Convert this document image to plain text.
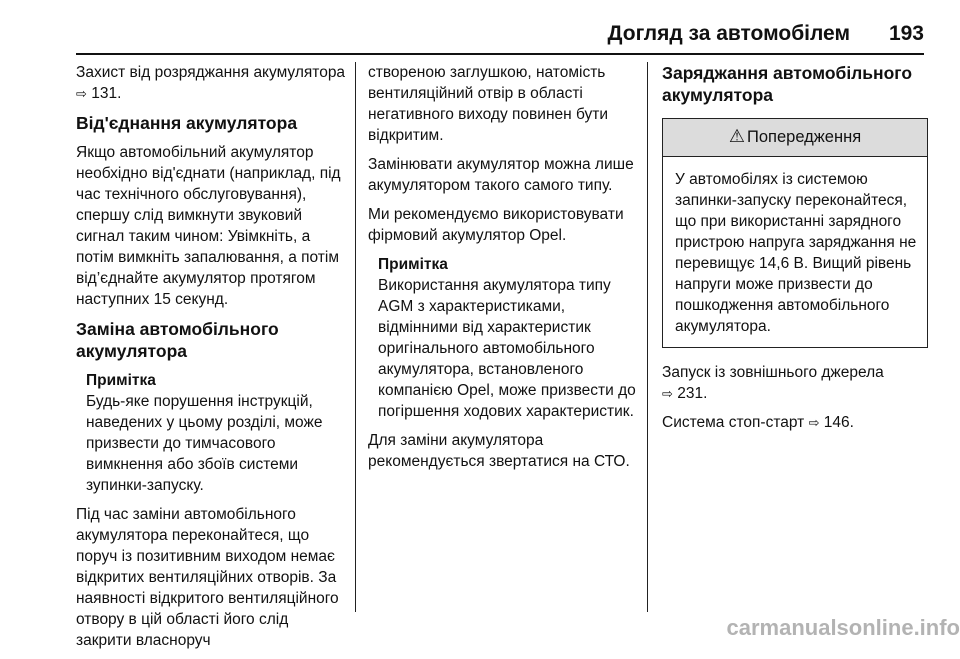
Догляд за автомобілем 193

Захист від розряджання акумулятора ⇨ 131.

Від'єднання акумулятора

Якщо автомобільний акумулятор необхідно від'єднати (наприклад, під час технічного обслуговування), спершу слід вимкнути звуковий сигнал таким чином: Увімкніть, а потім вимкніть запалювання, а потім від’єднайте акумулятор протягом наступних 15 секунд.

Заміна автомобільного акумулятора
Примітка
Будь-яке порушення інструкцій, наведених у цьому розділі, може призвести до тимчасового вимкнення або збоїв системи зупинки-запуску.

Під час заміни автомобільного акумулятора переконайтеся, що поруч із позитивним виходом немає відкритих вентиляційних отворів. За наявності відкритого вентиляційного отвору в цій області його слід закрити власноруч

створеною заглушкою, натомість вентиляційний отвір в області негативного виходу повинен бути відкритим.

Замінювати акумулятор можна лише акумулятором такого самого типу.

Ми рекомендуємо використовувати фірмовий акумулятор Opel.

Примітка
Використання акумулятора типу AGM з характеристиками, відмінними від характеристик оригінального автомобільного акумулятора, встановленого компанією Opel, може призвести до погіршення ходових характеристик.

Для заміни акумулятора рекомендується звертатися на СТО.

Заряджання автомобільного акумулятора
⚠ Попередження
У автомобілях із системою запинки-запуску переконайтеся, що при використанні зарядного пристрою напруга заряджання не перевищує 14,6 В. Вищий рівень напруги може призвести до пошкодження автомобільного акумулятора.

Запуск із зовнішнього джерела
⇨ 231.

Система стоп-старт ⇨ 146.

carmanualsonline.info
